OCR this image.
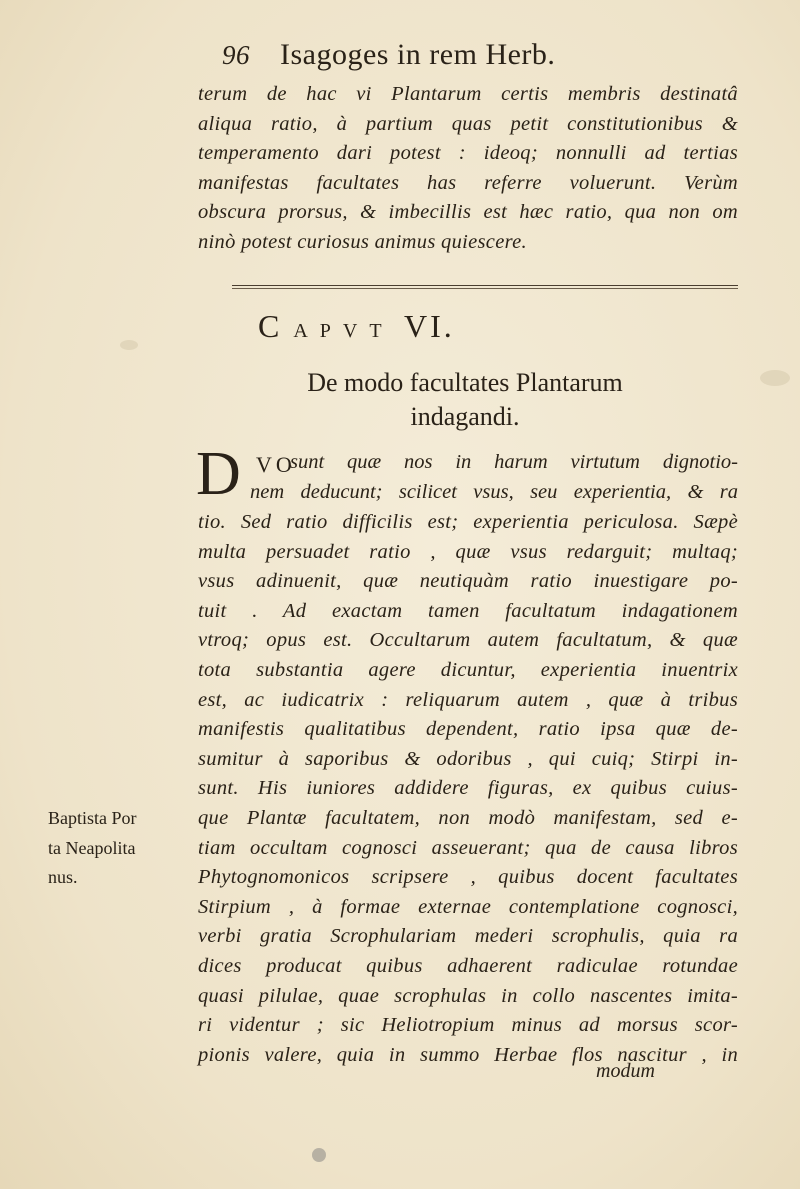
96 Isagoges in rem Herb.
terum de hac vi Plantarum certis membris destinatâ
aliqua ratio, à partium quas petit constitutionibus &
temperamento dari potest : ideoq; nonnulli ad tertias
manifestas facultates has referre voluerunt. Verùm
obscura prorsus, & imbecillis est hæc ratio, qua non om
ninò potest curiosus animus quiescere.
C APVT VI.
De modo facultates Plantarum
indagandi.
D VO
sunt quæ nos in harum virtutum dignotio-
nem deducunt; scilicet vsus, seu experientia, & ra
tio. Sed ratio difficilis est; experientia periculosa. Sæpè
multa persuadet ratio , quæ vsus redarguit; multaq;
vsus adinuenit, quæ neutiquàm ratio inuestigare po-
tuit . Ad exactam tamen facultatum indagationem
vtroq; opus est. Occultarum autem facultatum, & quæ
tota substantia agere dicuntur, experientia inuentrix
est, ac iudicatrix : reliquarum autem , quæ à tribus
manifestis qualitatibus dependent, ratio ipsa quæ de-
sumitur à saporibus & odoribus , qui cuiq; Stirpi in-
sunt. His iuniores addidere figuras, ex quibus cuius-
que Plantæ facultatem, non modò manifestam, sed e-
tiam occultam cognosci asseuerant; qua de causa libros
Phytognomonicos scripsere , quibus docent facultates
Stirpium , à formae externae contemplatione cognosci,
verbi gratia Scrophulariam mederi scrophulis, quia ra
dices producat quibus adhaerent radiculae rotundae
quasi pilulae, quae scrophulas in collo nascentes imita-
ri videntur ; sic Heliotropium minus ad morsus scor-
pionis valere, quia in summo Herbae flos nascitur , in
modum
Baptista Por
ta Neapolita
nus.
